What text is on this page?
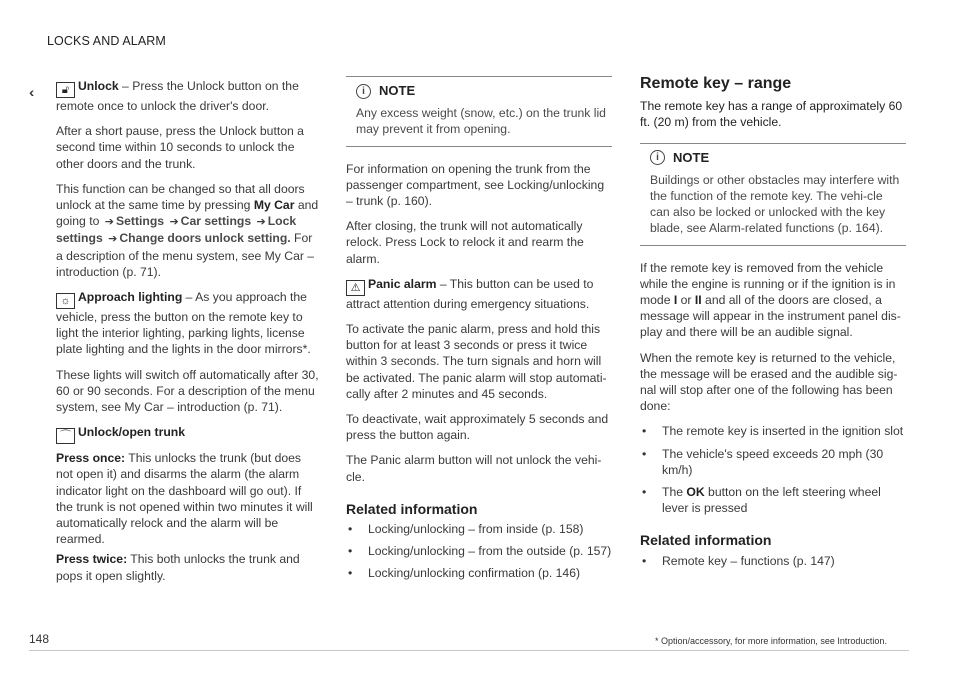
LOCKS AND ALARM
‹‹	🔓︎ Unlock – Press the Unlock button on the remote once to unlock the driver's door.

After a short pause, press the Unlock button a second time within 10 seconds to unlock the other doors and the trunk.

This function can be changed so that all doors unlock at the same time by pressing My Car and going to ➔ Settings ➔ Car settings ➔ Lock settings ➔ Change doors unlock setting. For a description of the menu system, see My Car – introduction (p. 71).

☼ Approach lighting – As you approach the vehicle, press the button on the remote key to light the interior lighting, parking lights, license plate lighting and the lights in the door mirrors*.

These lights will switch off automatically after 30, 60 or 90 seconds. For a description of the menu system, see My Car – introduction (p. 71).

⌒ Unlock/open trunk

Press once: This unlocks the trunk (but does not open it) and disarms the alarm (the alarm indicator light on the dashboard will go out). If the trunk is not opened within two minutes it will automatically relock and the alarm will be rearmed.

Press twice: This both unlocks the trunk and pops it open slightly.

i	NOTE
Any excess weight (snow, etc.) on the trunk lid may prevent it from opening.

For information on opening the trunk from the passenger compartment, see Locking/unlocking – trunk (p. 160).

After closing, the trunk will not automatically relock. Press Lock to relock it and rearm the alarm.

⚠︎ Panic alarm – This button can be used to attract attention during emergency situations.

To activate the panic alarm, press and hold this button for at least 3 seconds or press it twice within 3 seconds. The turn signals and horn will be activated. The panic alarm will stop automati-cally after 2 minutes and 45 seconds.

To deactivate, wait approximately 5 seconds and press the button again.

The Panic alarm button will not unlock the vehi-cle.

Related information
• Locking/unlocking – from inside (p. 158)
• Locking/unlocking – from the outside (p. 157)
• Locking/unlocking confirmation (p. 146)
Remote key – range

The remote key has a range of approximately 60 ft. (20 m) from the vehicle.

i	NOTE
Buildings or other obstacles may interfere with the function of the remote key. The vehi-cle can also be locked or unlocked with the key blade, see Alarm-related functions (p. 164).

If the remote key is removed from the vehicle while the engine is running or if the ignition is in mode I or II and all of the doors are closed, a message will appear in the instrument panel dis-play and there will be an audible signal.

When the remote key is returned to the vehicle, the message will be erased and the audible sig-nal will stop after one of the following has been done:

• The remote key is inserted in the ignition slot
• The vehicle's speed exceeds 20 mph (30 km/h)
• The OK button on the left steering wheel lever is pressed
Related information
• Remote key – functions (p. 147)
* Option/accessory, for more information, see Introduction.
148
